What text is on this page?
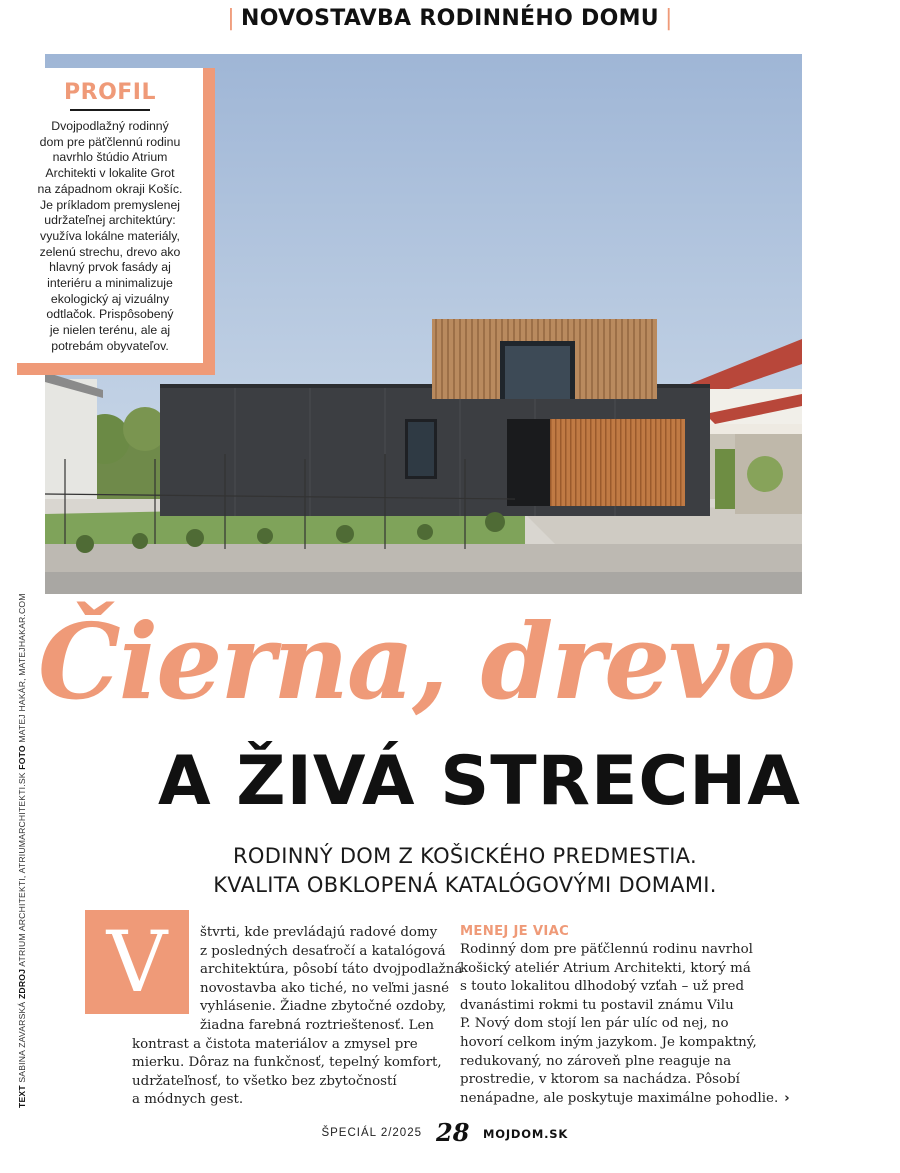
| NOVOSTAVBA RODINNÉHO DOMU |
PROFIL
Dvojpodlažný rodinný
dom pre päťčlennú rodinu
navrhlo štúdio Atrium
Architekti v lokalite Grot
na západnom okraji Košíc.
Je príkladom premyslenej
udržateľnej architektúry:
využíva lokálne materiály,
zelenú strechu, drevo ako
hlavný prvok fasády aj
interiéru a minimalizuje
ekologický aj vizuálny
odtlačok. Prispôsobený
je nielen terénu, ale aj
potrebám obyvateľov.
TEXT SABINA ZAVARSKÁ ZDROJ ATRIUM ARCHITEKTI, ATRIUMARCHITEKTI.SK FOTO MATEJ HAKÁR, MATEJHAKAR.COM Čierna, drevo
A ŽIVÁ STRECHA
RODINNÝ DOM Z KOŠICKÉHO PREDMESTIA.
KVALITA OBKLOPENÁ KATALÓGOVÝMI DOMAMI.
V	štvrti, kde prevládajú radové domy
z posledných desaťročí a katalógová
architektúra, pôsobí táto dvojpodlažná
novostavba ako tiché, no veľmi jasné
vyhlásenie. Žiadne zbytočné ozdoby,
žiadna farebná roztrieštenosť. Len
kontrast a čistota materiálov a zmysel pre
mierku. Dôraz na funkčnosť, tepelný komfort,
udržateľnosť, to všetko bez zbytočností
a módnych gest.
MENEJ JE VIAC
Rodinný dom pre päťčlennú rodinu navrhol
košický ateliér Atrium Architekti, ktorý má
s touto lokalitou dlhodobý vzťah – už pred
dvanástimi rokmi tu postavil známu Vilu
P. Nový dom stojí len pár ulíc od nej, no
hovorí celkom iným jazykom. Je kompaktný,
redukovaný, no zároveň plne reaguje na
prostredie, v ktorom sa nachádza. Pôsobí
nenápadne, ale poskytuje maximálne pohodlie. ›
ŠPECIÁL 2/2025 28 MOJDOM.SK
